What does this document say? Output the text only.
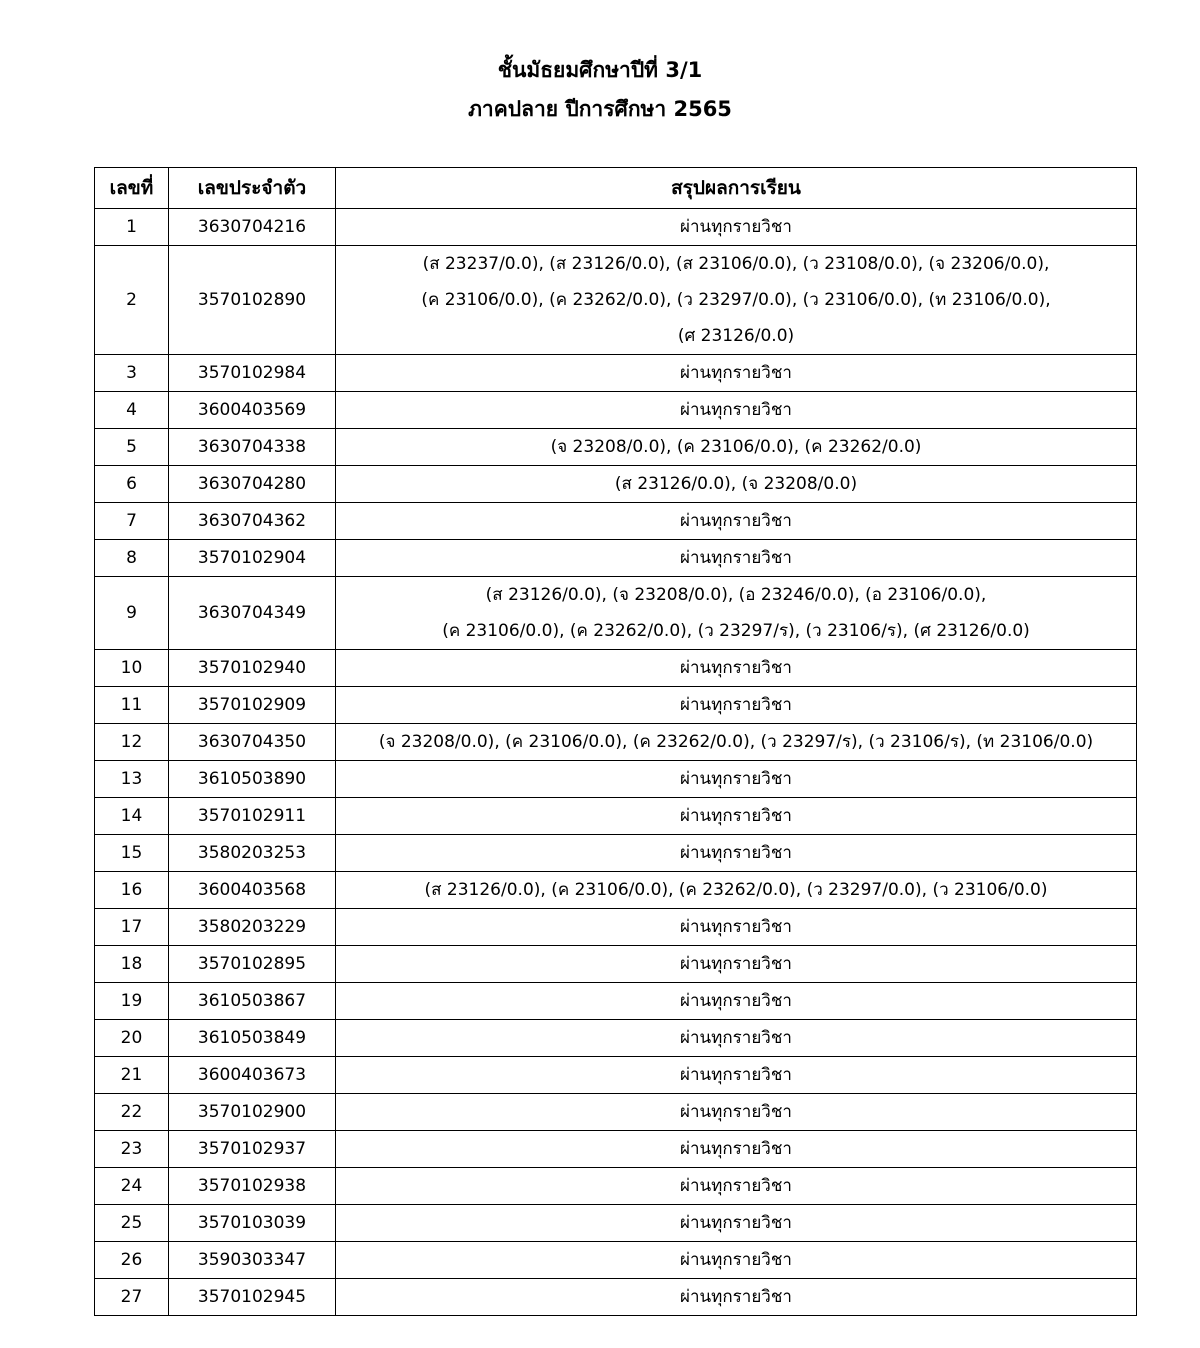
ชั้นมัธยมศึกษาปีที่ 3/1
ภาคปลาย ปีการศึกษา 2565
เลขที่	เลขประจำตัว	สรุปผลการเรียน
1	3630704216	ผ่านทุกรายวิชา

2	3570102890	(ส 23237/0.0), (ส 23126/0.0), (ส 23106/0.0), (ว 23108/0.0), (จ 23206/0.0),
(ค 23106/0.0), (ค 23262/0.0), (ว 23297/0.0), (ว 23106/0.0), (ท 23106/0.0),
(ศ 23126/0.0)

3	3570102984	ผ่านทุกรายวิชา

4	3600403569	ผ่านทุกรายวิชา

5	3630704338	(จ 23208/0.0), (ค 23106/0.0), (ค 23262/0.0)

6	3630704280	(ส 23126/0.0), (จ 23208/0.0)

7	3630704362	ผ่านทุกรายวิชา

8	3570102904	ผ่านทุกรายวิชา

9	3630704349	(ส 23126/0.0), (จ 23208/0.0), (อ 23246/0.0), (อ 23106/0.0),
(ค 23106/0.0), (ค 23262/0.0), (ว 23297/ร), (ว 23106/ร), (ศ 23126/0.0)

10	3570102940	ผ่านทุกรายวิชา

11	3570102909	ผ่านทุกรายวิชา

12	3630704350	(จ 23208/0.0), (ค 23106/0.0), (ค 23262/0.0), (ว 23297/ร), (ว 23106/ร), (ท 23106/0.0)

13	3610503890	ผ่านทุกรายวิชา

14	3570102911	ผ่านทุกรายวิชา

15	3580203253	ผ่านทุกรายวิชา

16	3600403568	(ส 23126/0.0), (ค 23106/0.0), (ค 23262/0.0), (ว 23297/0.0), (ว 23106/0.0)

17	3580203229	ผ่านทุกรายวิชา

18	3570102895	ผ่านทุกรายวิชา

19	3610503867	ผ่านทุกรายวิชา

20	3610503849	ผ่านทุกรายวิชา

21	3600403673	ผ่านทุกรายวิชา

22	3570102900	ผ่านทุกรายวิชา

23	3570102937	ผ่านทุกรายวิชา

24	3570102938	ผ่านทุกรายวิชา

25	3570103039	ผ่านทุกรายวิชา

26	3590303347	ผ่านทุกรายวิชา

27	3570102945	ผ่านทุกรายวิชา
